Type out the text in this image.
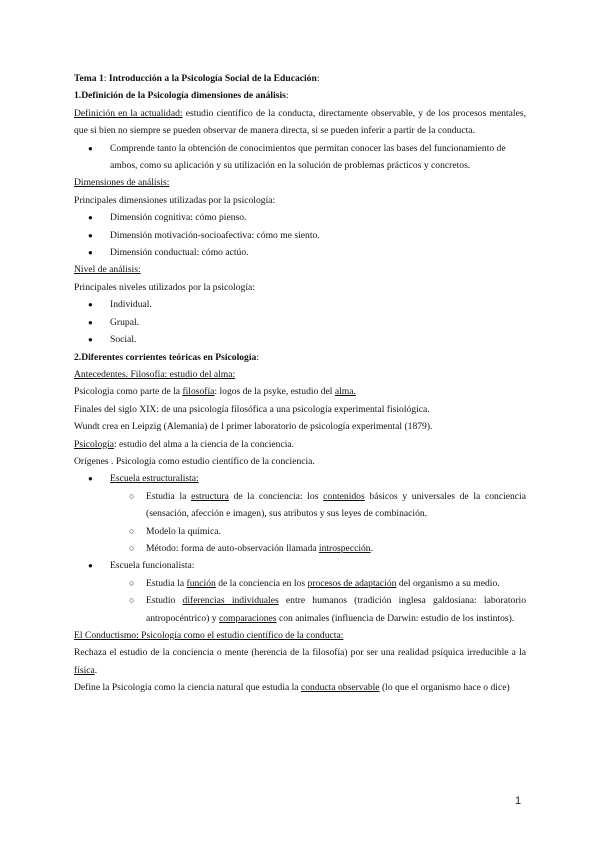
Tema 1: Introducción a la Psicología Social de la Educación:

1.Definición de la Psicología dimensiones de análisis:

Definición en la actualidad: estudio científico de la conducta, directamente observable, y de los procesos mentales, que si bien no siempre se pueden observar de manera directa, si se pueden inferir a partir de la conducta.

● Comprende tanto la obtención de conocimientos que permitan conocer las bases del funcionamiento de ambos, como su aplicación y su utilización en la solución de problemas prácticos y concretos.

Dimensiones de análisis:

Principales dimensiones utilizadas por la psicología:

● Dimensión cognitiva: cómo pienso.
● Dimensión motivación-socioafectiva: cómo me siento.
● Dimensión conductual: cómo actúo.

Nivel de análisis:

Principales niveles utilizados por la psicología:

● Individual.
● Grupal.
● Social.

2.Diferentes corrientes teóricas en Psicología:

Antecedentes. Filosofía: estudio del alma:

Psicología como parte de la filosofía: logos de la psyke, estudio del alma.

Finales del siglo XIX: de una psicología filosófica a una psicología experimental fisiológica.

Wundt crea en Leipzig (Alemania) de l primer laboratorio de psicología experimental (1879).

Psicología: estudio del alma a la ciencia de la conciencia.

Orígenes . Psicología como estudio científico de la conciencia.

● Escuela estructuralista:
○ Estudia la estructura de la conciencia: los contenidos básicos y universales de la conciencia (sensación, afección e imagen), sus atributos y sus leyes de combinación.
○ Modelo la química.
○ Método: forma de auto-observación llamada introspección.
● Escuela funcionalista:
○ Estudia la función de la conciencia en los procesos de adaptación del organismo a su medio.
○ Estudio diferencias individuales entre humanos (tradición inglesa galdosiana: laboratorio antropocéntrico) y comparaciones con animales (influencia de Darwin: estudio de los instintos).

El Conductismo: Psicología como el estudio científico de la conducta:

Rechaza el estudio de la conciencia o mente (herencia de la filosofía) por ser una realidad psíquica irreducible a la física.

Define la Psicología como la ciencia natural que estudia la conducta observable (lo que el organismo hace o dice)

1
